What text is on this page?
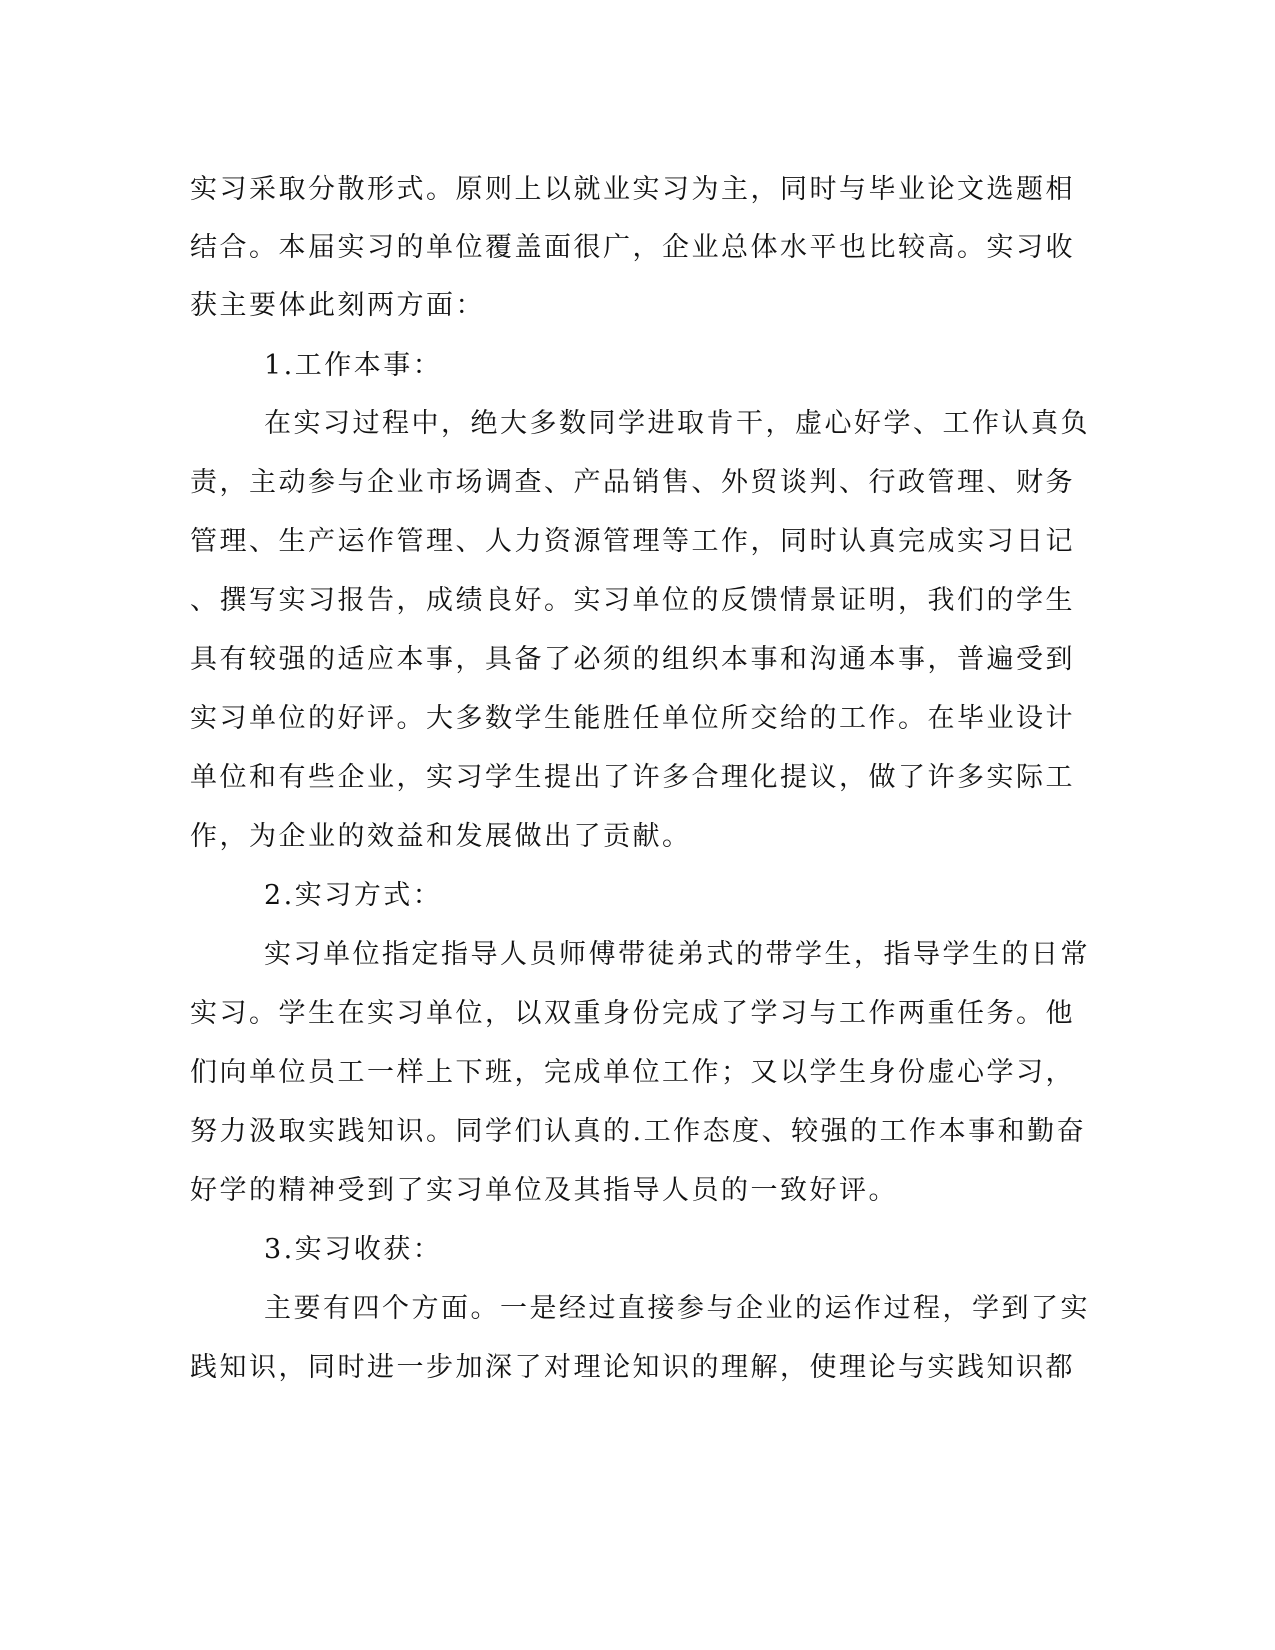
实习采取分散形式。原则上以就业实习为主，同时与毕业论文选题相
结合。本届实习的单位覆盖面很广，企业总体水平也比较高。实习收
获主要体此刻两方面：
1.工作本事：
在实习过程中，绝大多数同学进取肯干，虚心好学、工作认真负
责，主动参与企业市场调查、产品销售、外贸谈判、行政管理、财务
管理、生产运作管理、人力资源管理等工作，同时认真完成实习日记
、撰写实习报告，成绩良好。实习单位的反馈情景证明，我们的学生
具有较强的适应本事，具备了必须的组织本事和沟通本事，普遍受到
实习单位的好评。大多数学生能胜任单位所交给的工作。在毕业设计
单位和有些企业，实习学生提出了许多合理化提议，做了许多实际工
作，为企业的效益和发展做出了贡献。
2.实习方式：
实习单位指定指导人员师傅带徒弟式的带学生，指导学生的日常
实习。学生在实习单位，以双重身份完成了学习与工作两重任务。他
们向单位员工一样上下班，完成单位工作；又以学生身份虚心学习，
努力汲取实践知识。同学们认真的.工作态度、较强的工作本事和勤奋
好学的精神受到了实习单位及其指导人员的一致好评。
3.实习收获：
主要有四个方面。一是经过直接参与企业的运作过程，学到了实
践知识，同时进一步加深了对理论知识的理解，使理论与实践知识都
